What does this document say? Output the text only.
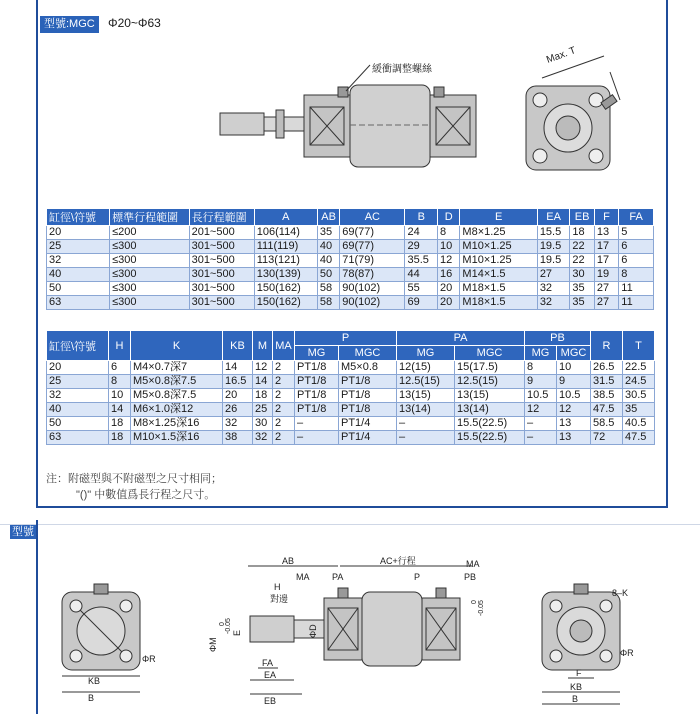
型號:MGC	Φ20~Φ63
緩衝調整螺絲
Max. T
缸徑\符號	標準行程範圍	長行程範圍	A	AB	AC	B	D	E	EA	EB	F	FA
20	≤200	201~500	106(114)	35	69(77)	24	8	M8×1.25	15.5	18	13	5
25	≤300	301~500	111(119)	40	69(77)	29	10	M10×1.25	19.5	22	17	6
32	≤300	301~500	113(121)	40	71(79)	35.5	12	M10×1.25	19.5	22	17	6
40	≤300	301~500	130(139)	50	78(87)	44	16	M14×1.5	27	30	19	8
50	≤300	301~500	150(162)	58	90(102)	55	20	M18×1.5	32	35	27	11
63	≤300	301~500	150(162)	58	90(102)	69	20	M18×1.5	32	35	27	11
缸徑\符號	H	K	KB	M	MA	P		PA		PB		R	T
						MG	MGC	MG	MGC	MG	MGC		
20	6	M4×0.7深7	14	12	2	PT1/8	M5×0.8	12(15)	15(17.5)	8	10	26.5	22.5
25	8	M5×0.8深7.5	16.5	14	2	PT1/8	PT1/8	12.5(15)	12.5(15)	9	9	31.5	24.5
32	10	M5×0.8深7.5	20	18	2	PT1/8	PT1/8	13(15)	13(15)	10.5	10.5	38.5	30.5
40	14	M6×1.0深12	26	25	2	PT1/8	PT1/8	13(14)	13(14)	12	12	47.5	35
50	18	M8×1.25深16	32	30	2	–	PT1/4	–	15.5(22.5)	–	13	58.5	40.5
63	18	M10×1.5深16	38	32	2	–	PT1/4	–	15.5(22.5)	–	13	72	47.5
注：附磁型與不附磁型之尺寸相同；
"()" 中數值爲長行程之尺寸。
型號
KB
B
ΦR
AB	AC+行程	MA
MA	PA	P	PB
H
對邊
FA
EA
EB
ΦM
0 -0.05 E	ΦD
0 -0.05
8–K
ΦR
F
KB
B
